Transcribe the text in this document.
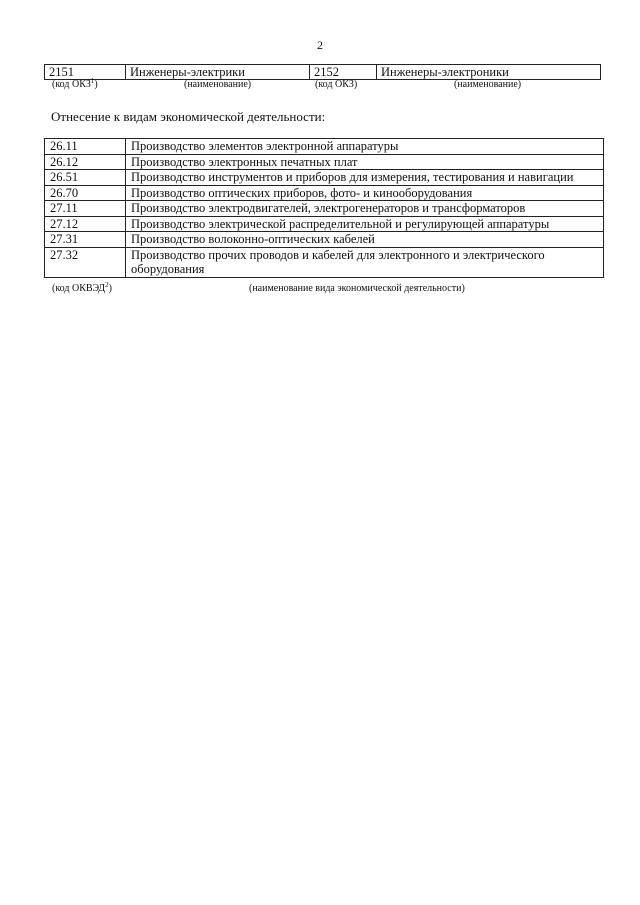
2
2151	Инженеры-электрики	2152	Инженеры-электроники
(код ОКЗ$^1$)	(наименование)	(код ОКЗ)	(наименование)
Отнесение к видам экономической деятельности:
26.11	Производство элементов электронной аппаратуры
26.12	Производство электронных печатных плат
26.51	Производство инструментов и приборов для измерения, тестирования и навигации
26.70	Производство оптических приборов, фото- и кинооборудования
27.11	Производство электродвигателей, электрогенераторов и трансформаторов
27.12	Производство электрической распределительной и регулирующей аппаратуры
27.31	Производство волоконно-оптических кабелей
27.32	Производство прочих проводов и кабелей для электронного и электрического оборудования
(код ОКВЭД$^2$)	(наименование вида экономической деятельности)
